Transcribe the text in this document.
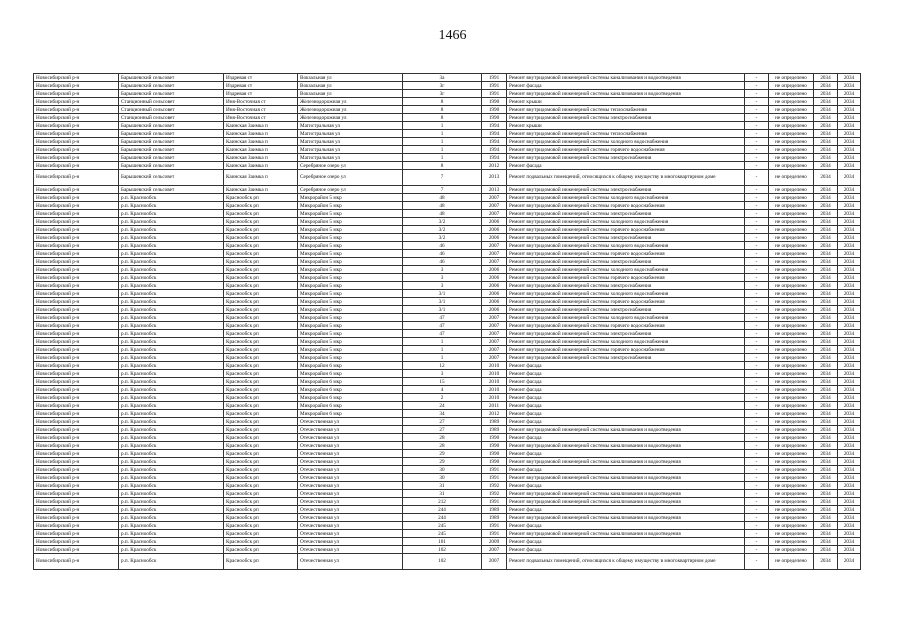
1466
Новосибирский р-н	Барышевский сельсовет	Издревая ст	Вокзальная ул	3а	1991	Ремонт внутридомовой инженерной системы канализования и водоотведения	-	не определено	2034	2034
Новосибирский р-н	Барышевский сельсовет	Издревая ст	Вокзальная ул	3г	1991	Ремонт фасада	-	не определено	2034	2034
Новосибирский р-н	Барышевский сельсовет	Издревая ст	Вокзальная ул	3г	1991	Ремонт внутридомовой инженерной системы канализования и водоотведения	-	не определено	2034	2034
Новосибирский р-н	Станционный сельсовет	Иня-Восточная ст	Железнодорожная ул	8	1990	Ремонт крыши	-	не определено	2034	2034
Новосибирский р-н	Станционный сельсовет	Иня-Восточная ст	Железнодорожная ул	8	1990	Ремонт внутридомовой инженерной системы теплоснабжения	-	не определено	2034	2034
Новосибирский р-н	Станционный сельсовет	Иня-Восточная ст	Железнодорожная ул	8	1990	Ремонт внутридомовой инженерной системы электроснабжения	-	не определено	2034	2034
Новосибирский р-н	Барышевский сельсовет	Каинская Заимка п	Магистральная ул	1	1994	Ремонт крыши	-	не определено	2034	2034
Новосибирский р-н	Барышевский сельсовет	Каинская Заимка п	Магистральная ул	1	1994	Ремонт внутридомовой инженерной системы теплоснабжения	-	не определено	2034	2034
Новосибирский р-н	Барышевский сельсовет	Каинская Заимка п	Магистральная ул	1	1994	Ремонт внутридомовой инженерной системы холодного водоснабжения	-	не определено	2034	2034
Новосибирский р-н	Барышевский сельсовет	Каинская Заимка п	Магистральная ул	1	1994	Ремонт внутридомовой инженерной системы горячего водоснабжения	-	не определено	2034	2034
Новосибирский р-н	Барышевский сельсовет	Каинская Заимка п	Магистральная ул	1	1994	Ремонт внутридомовой инженерной системы электроснабжения	-	не определено	2034	2034
Новосибирский р-н	Барышевский сельсовет	Каинская Заимка п	Серебряное озеро ул	8	2012	Ремонт фасада	-	не определено	2034	2034
Новосибирский р-н	Барышевский сельсовет	Каинская Заимка п	Серебряное озеро ул	7	2013	Ремонт подвальных помещений, относящихся к общему имуществу в многоквартирном доме	-	не определено	2034	2034
Новосибирский р-н	Барышевский сельсовет	Каинская Заимка п	Серебряное озеро ул	7	2013	Ремонт внутридомовой инженерной системы электроснабжения	-	не определено	2034	2034
Новосибирский р-н	р.п. Краснообск	Краснообск рп	Микрорайон 5 мкр	48	2007	Ремонт внутридомовой инженерной системы холодного водоснабжения	-	не определено	2034	2034
Новосибирский р-н	р.п. Краснообск	Краснообск рп	Микрорайон 5 мкр	48	2007	Ремонт внутридомовой инженерной системы горячего водоснабжения	-	не определено	2034	2034
Новосибирский р-н	р.п. Краснообск	Краснообск рп	Микрорайон 5 мкр	48	2007	Ремонт внутридомовой инженерной системы электроснабжения	-	не определено	2034	2034
Новосибирский р-н	р.п. Краснообск	Краснообск рп	Микрорайон 5 мкр	3/2	2006	Ремонт внутридомовой инженерной системы холодного водоснабжения	-	не определено	2034	2034
Новосибирский р-н	р.п. Краснообск	Краснообск рп	Микрорайон 5 мкр	3/2	2006	Ремонт внутридомовой инженерной системы горячего водоснабжения	-	не определено	2034	2034
Новосибирский р-н	р.п. Краснообск	Краснообск рп	Микрорайон 5 мкр	3/2	2006	Ремонт внутридомовой инженерной системы электроснабжения	-	не определено	2034	2034
Новосибирский р-н	р.п. Краснообск	Краснообск рп	Микрорайон 5 мкр	46	2007	Ремонт внутридомовой инженерной системы холодного водоснабжения	-	не определено	2034	2034
Новосибирский р-н	р.п. Краснообск	Краснообск рп	Микрорайон 5 мкр	46	2007	Ремонт внутридомовой инженерной системы горячего водоснабжения	-	не определено	2034	2034
Новосибирский р-н	р.п. Краснообск	Краснообск рп	Микрорайон 5 мкр	46	2007	Ремонт внутридомовой инженерной системы электроснабжения	-	не определено	2034	2034
Новосибирский р-н	р.п. Краснообск	Краснообск рп	Микрорайон 5 мкр	3	2006	Ремонт внутридомовой инженерной системы холодного водоснабжения	-	не определено	2034	2034
Новосибирский р-н	р.п. Краснообск	Краснообск рп	Микрорайон 5 мкр	3	2006	Ремонт внутридомовой инженерной системы горячего водоснабжения	-	не определено	2034	2034
Новосибирский р-н	р.п. Краснообск	Краснообск рп	Микрорайон 5 мкр	3	2006	Ремонт внутридомовой инженерной системы электроснабжения	-	не определено	2034	2034
Новосибирский р-н	р.п. Краснообск	Краснообск рп	Микрорайон 5 мкр	3/1	2006	Ремонт внутридомовой инженерной системы холодного водоснабжения	-	не определено	2034	2034
Новосибирский р-н	р.п. Краснообск	Краснообск рп	Микрорайон 5 мкр	3/1	2006	Ремонт внутридомовой инженерной системы горячего водоснабжения	-	не определено	2034	2034
Новосибирский р-н	р.п. Краснообск	Краснообск рп	Микрорайон 5 мкр	3/1	2006	Ремонт внутридомовой инженерной системы электроснабжения	-	не определено	2034	2034
Новосибирский р-н	р.п. Краснообск	Краснообск рп	Микрорайон 5 мкр	47	2007	Ремонт внутридомовой инженерной системы холодного водоснабжения	-	не определено	2034	2034
Новосибирский р-н	р.п. Краснообск	Краснообск рп	Микрорайон 5 мкр	47	2007	Ремонт внутридомовой инженерной системы горячего водоснабжения	-	не определено	2034	2034
Новосибирский р-н	р.п. Краснообск	Краснообск рп	Микрорайон 5 мкр	47	2007	Ремонт внутридомовой инженерной системы электроснабжения	-	не определено	2034	2034
Новосибирский р-н	р.п. Краснообск	Краснообск рп	Микрорайон 5 мкр	1	2007	Ремонт внутридомовой инженерной системы холодного водоснабжения	-	не определено	2034	2034
Новосибирский р-н	р.п. Краснообск	Краснообск рп	Микрорайон 5 мкр	1	2007	Ремонт внутридомовой инженерной системы горячего водоснабжения	-	не определено	2034	2034
Новосибирский р-н	р.п. Краснообск	Краснообск рп	Микрорайон 5 мкр	1	2007	Ремонт внутридомовой инженерной системы электроснабжения	-	не определено	2034	2034
Новосибирский р-н	р.п. Краснообск	Краснообск рп	Микрорайон 6 мкр	12	2010	Ремонт фасада	-	не определено	2034	2034
Новосибирский р-н	р.п. Краснообск	Краснообск рп	Микрорайон 6 мкр	3	2010	Ремонт фасада	-	не определено	2034	2034
Новосибирский р-н	р.п. Краснообск	Краснообск рп	Микрорайон 6 мкр	15	2010	Ремонт фасада	-	не определено	2034	2034
Новосибирский р-н	р.п. Краснообск	Краснообск рп	Микрорайон 6 мкр	4	2010	Ремонт фасада	-	не определено	2034	2034
Новосибирский р-н	р.п. Краснообск	Краснообск рп	Микрорайон 6 мкр	2	2010	Ремонт фасада	-	не определено	2034	2034
Новосибирский р-н	р.п. Краснообск	Краснообск рп	Микрорайон 6 мкр	24	2011	Ремонт фасада	-	не определено	2034	2034
Новосибирский р-н	р.п. Краснообск	Краснообск рп	Микрорайон 6 мкр	34	2012	Ремонт фасада	-	не определено	2034	2034
Новосибирский р-н	р.п. Краснообск	Краснообск рп	Отечественная ул	27	1989	Ремонт фасада	-	не определено	2034	2034
Новосибирский р-н	р.п. Краснообск	Краснообск рп	Отечественная ул	27	1989	Ремонт внутридомовой инженерной системы канализования и водоотведения	-	не определено	2034	2034
Новосибирский р-н	р.п. Краснообск	Краснообск рп	Отечественная ул	28	1990	Ремонт фасада	-	не определено	2034	2034
Новосибирский р-н	р.п. Краснообск	Краснообск рп	Отечественная ул	28	1990	Ремонт внутридомовой инженерной системы канализования и водоотведения	-	не определено	2034	2034
Новосибирский р-н	р.п. Краснообск	Краснообск рп	Отечественная ул	29	1990	Ремонт фасада	-	не определено	2034	2034
Новосибирский р-н	р.п. Краснообск	Краснообск рп	Отечественная ул	29	1990	Ремонт внутридомовой инженерной системы канализования и водоотведения	-	не определено	2034	2034
Новосибирский р-н	р.п. Краснообск	Краснообск рп	Отечественная ул	30	1991	Ремонт фасада	-	не определено	2034	2034
Новосибирский р-н	р.п. Краснообск	Краснообск рп	Отечественная ул	30	1991	Ремонт внутридомовой инженерной системы канализования и водоотведения	-	не определено	2034	2034
Новосибирский р-н	р.п. Краснообск	Краснообск рп	Отечественная ул	31	1992	Ремонт фасада	-	не определено	2034	2034
Новосибирский р-н	р.п. Краснообск	Краснообск рп	Отечественная ул	31	1992	Ремонт внутридомовой инженерной системы канализования и водоотведения	-	не определено	2034	2034
Новосибирский р-н	р.п. Краснообск	Краснообск рп	Отечественная ул	212	1991	Ремонт внутридомовой инженерной системы канализования и водоотведения	-	не определено	2034	2034
Новосибирский р-н	р.п. Краснообск	Краснообск рп	Отечественная ул	244	1989	Ремонт фасада	-	не определено	2034	2034
Новосибирский р-н	р.п. Краснообск	Краснообск рп	Отечественная ул	244	1989	Ремонт внутридомовой инженерной системы канализования и водоотведения	-	не определено	2034	2034
Новосибирский р-н	р.п. Краснообск	Краснообск рп	Отечественная ул	245	1991	Ремонт фасада	-	не определено	2034	2034
Новосибирский р-н	р.п. Краснообск	Краснообск рп	Отечественная ул	245	1991	Ремонт внутридомовой инженерной системы канализования и водоотведения	-	не определено	2034	2034
Новосибирский р-н	р.п. Краснообск	Краснообск рп	Отечественная ул	101	2009	Ремонт фасада	-	не определено	2034	2034
Новосибирский р-н	р.п. Краснообск	Краснообск рп	Отечественная ул	102	2007	Ремонт фасада	-	не определено	2034	2034
Новосибирский р-н	р.п. Краснообск	Краснообск рп	Отечественная ул	102	2007	Ремонт подвальных помещений, относящихся к общему имуществу в многоквартирном доме	-	не определено	2034	2034
